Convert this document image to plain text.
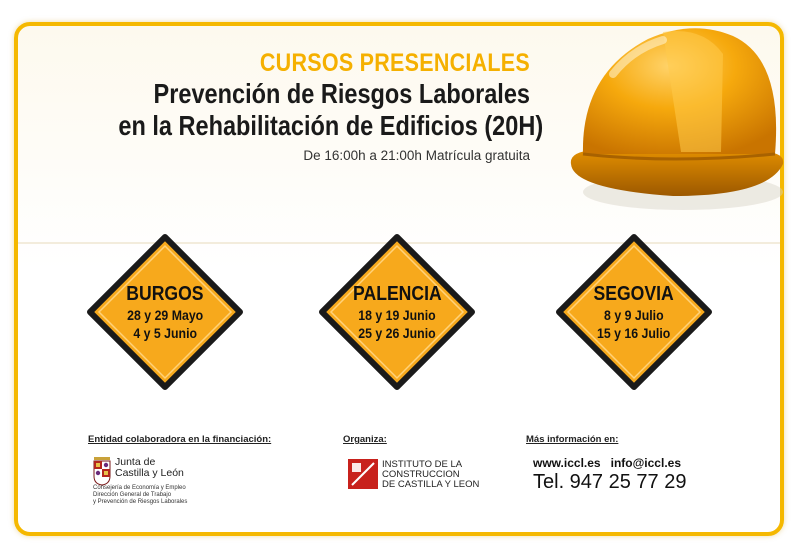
CURSOS PRESENCIALES
Prevención de Riesgos Laborales
en la Rehabilitación de Edificios (20H)
De 16:00h a 21:00h Matrícula gratuita
BURGOS
28 y 29 Mayo
4 y 5 Junio
PALENCIA
18 y 19 Junio
25 y 26 Junio
SEGOVIA
8 y 9 Julio
15 y 16 Julio
Entidad colaboradora en la financiación:	Organiza:	Más información en:
Junta de
Castilla y León
Consejería de Economía y Empleo
Dirección General de Trabajo
y Prevención de Riesgos Laborales
INSTITUTO DE LA
CONSTRUCCION
DE CASTILLA Y LEON
www.iccl.es info@iccl.es
Tel. 947 25 77 29
